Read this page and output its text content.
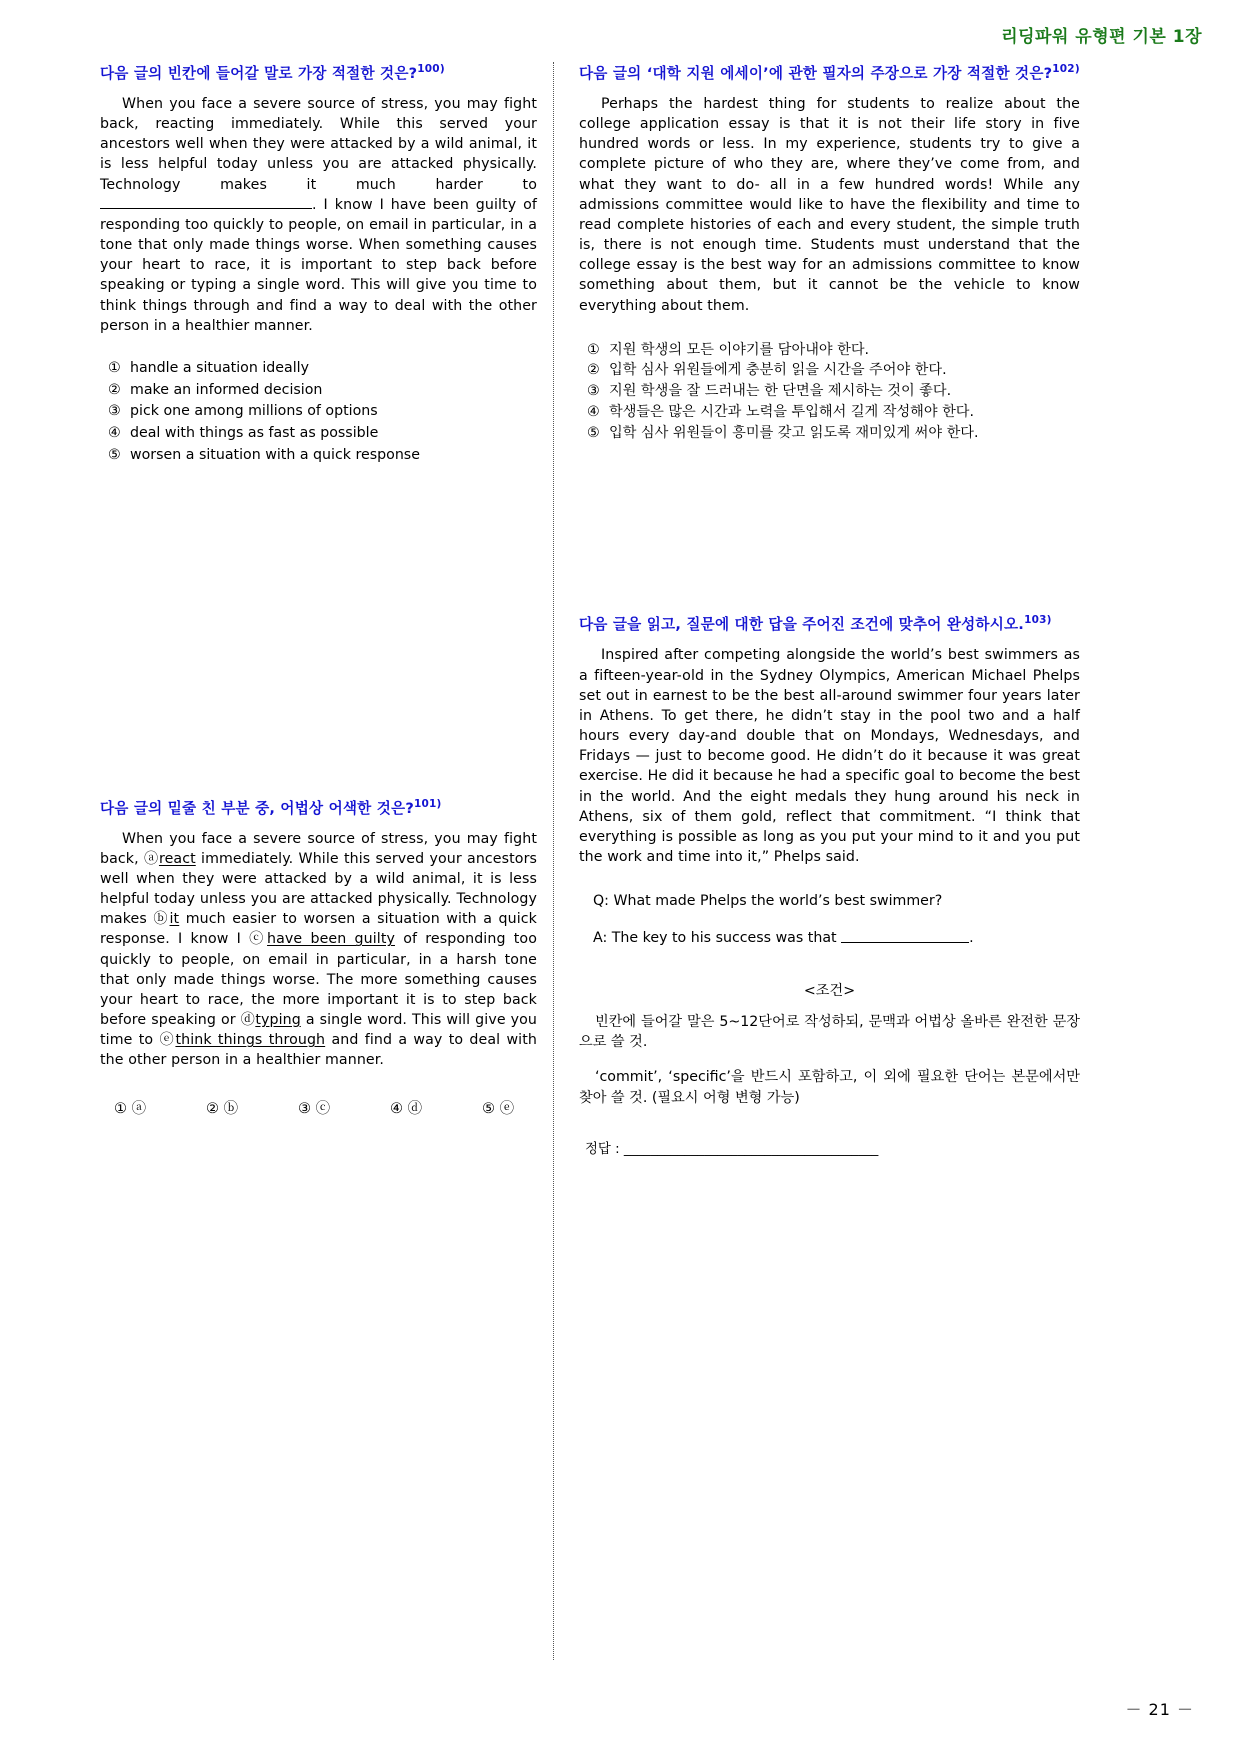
리딩파워 유형편 기본 1장
다음 글의 빈칸에 들어갈 말로 가장 적절한 것은?$^{100)}$

When you face a severe source of stress, you may fight back, reacting immediately. While this served your ancestors well when they were attacked by a wild animal, it is less helpful today unless you are attacked physically. Technology makes it much harder to. I know I have been guilty of responding too quickly to people, on email in particular, in a tone that only made things worse. When something causes your heart to race, it is important to step back before speaking or typing a single word. This will give you time to think things through and find a way to deal with the other person in a healthier manner.

① handle a situation ideally
② make an informed decision
③ pick one among millions of options
④ deal with things as fast as possible
⑤ worsen a situation with a quick response
다음 글의 밑줄 친 부분 중, 어법상 어색한 것은?$^{101)}$

When you face a severe source of stress, you may fight back, ⓐreact immediately. While this served your ancestors well when they were attacked by a wild animal, it is less helpful today unless you are attacked physically. Technology makes ⓑit much easier to worsen a situation with a quick response. I know I ⓒhave been guilty of responding too quickly to people, on email in particular, in a harsh tone that only made things worse. The more something causes your heart to race, the more important it is to step back before speaking or ⓓtyping a single word. This will give you time to ⓔthink things through and find a way to deal with the other person in a healthier manner.

① ⓐ	② ⓑ	③ ⓒ	④ ⓓ	⑤ ⓔ
다음 글의 ‘대학 지원 에세이’에 관한 필자의 주장으로 가장 적절한 것은?$^{102)}$

Perhaps the hardest thing for students to realize about the college application essay is that it is not their life story in five hundred words or less. In my experience, students try to give a complete picture of who they are, where they’ve come from, and what they want to do- all in a few hundred words! While any admissions committee would like to have the flexibility and time to read complete histories of each and every student, the simple truth is, there is not enough time. Students must understand that the college essay is the best way for an admissions committee to know something about them, but it cannot be the vehicle to know everything about them.

① 지원 학생의 모든 이야기를 담아내야 한다.
② 입학 심사 위원들에게 충분히 읽을 시간을 주어야 한다.
③ 지원 학생을 잘 드러내는 한 단면을 제시하는 것이 좋다.
④ 학생들은 많은 시간과 노력을 투입해서 길게 작성해야 한다.
⑤ 입학 심사 위원들이 흥미를 갖고 읽도록 재미있게 써야 한다.
다음 글을 읽고, 질문에 대한 답을 주어진 조건에 맞추어 완성하시오.$^{103)}$

Inspired after competing alongside the world’s best swimmers as a fifteen-year-old in the Sydney Olympics, American Michael Phelps set out in earnest to be the best all-around swimmer four years later in Athens. To get there, he didn’t stay in the pool two and a half hours every day-and double that on Mondays, Wednesdays, and Fridays — just to become good. He didn’t do it because it was great exercise. He did it because he had a specific goal to become the best in the world. And the eight medals they hung around his neck in Athens, six of them gold, reflect that commitment. “I think that everything is possible as long as you put your mind to it and you put the work and time into it,” Phelps said.

Q: What made Phelps the world’s best swimmer?
A: The key to his success was that	.
<조건>
빈칸에 들어갈 말은 5~12단어로 작성하되, 문맥과 어법상 올바른 완전한 문장으로 쓸 것.
‘commit’, ‘specific’을 반드시 포함하고, 이 외에 필요한 단어는 본문에서만 찾아 쓸 것. (필요시 어형 변형 가능)
정답 : ______________________________________
－ 21 －
